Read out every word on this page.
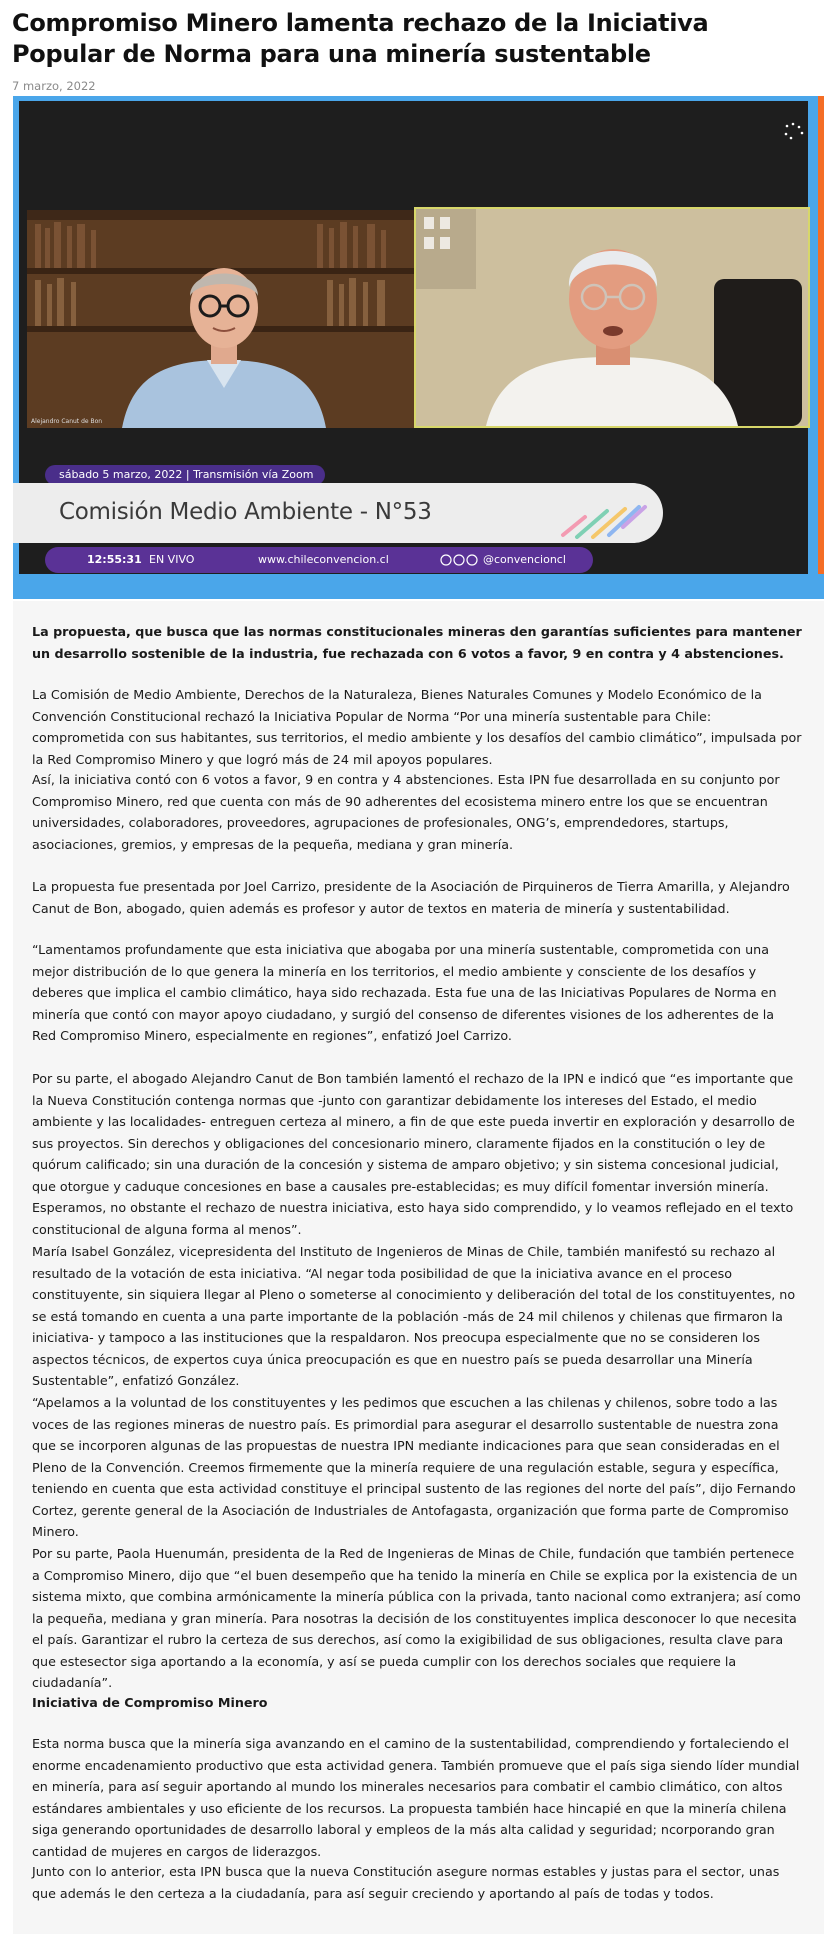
Compromiso Minero lamenta rechazo de la Iniciativa Popular de Norma para una minería sustentable
7 marzo, 2022
Alejandro Canut de Bon
sábado 5 marzo, 2022 | Transmisión vía Zoom
Comisión Medio Ambiente - N°53
12:55:31 EN VIVO	www.chileconvencion.cl	@convencioncl

La propuesta, que busca que las normas constitucionales mineras den garantías suficientes para mantener un desarrollo sostenible de la industria, fue rechazada con 6 votos a favor, 9 en contra y 4 abstenciones.

La Comisión de Medio Ambiente, Derechos de la Naturaleza, Bienes Naturales Comunes y Modelo Económico de la Convención Constitucional rechazó la Iniciativa Popular de Norma “Por una minería sustentable para Chile: comprometida con sus habitantes, sus territorios, el medio ambiente y los desafíos del cambio climático”, impulsada por la Red Compromiso Minero y que logró más de 24 mil apoyos populares.

Así, la iniciativa contó con 6 votos a favor, 9 en contra y 4 abstenciones. Esta IPN fue desarrollada en su conjunto por Compromiso Minero, red que cuenta con más de 90 adherentes del ecosistema minero entre los que se encuentran universidades, colaboradores, proveedores, agrupaciones de profesionales, ONG’s, emprendedores, startups, asociaciones, gremios, y empresas de la pequeña, mediana y gran minería.

La propuesta fue presentada por Joel Carrizo, presidente de la Asociación de Pirquineros de Tierra Amarilla, y Alejandro Canut de Bon, abogado, quien además es profesor y autor de textos en materia de minería y sustentabilidad.

“Lamentamos profundamente que esta iniciativa que abogaba por una minería sustentable, comprometida con una mejor distribución de lo que genera la minería en los territorios, el medio ambiente y consciente de los desafíos y deberes que implica el cambio climático, haya sido rechazada. Esta fue una de las Iniciativas Populares de Norma en minería que contó con mayor apoyo ciudadano, y surgió del consenso de diferentes visiones de los adherentes de la Red Compromiso Minero, especialmente en regiones”, enfatizó Joel Carrizo.

Por su parte, el abogado Alejandro Canut de Bon también lamentó el rechazo de la IPN e indicó que “es importante que la Nueva Constitución contenga normas que -junto con garantizar debidamente los intereses del Estado, el medio ambiente y las localidades- entreguen certeza al minero, a fin de que este pueda invertir en exploración y desarrollo de sus proyectos. Sin derechos y obligaciones del concesionario minero, claramente fijados en la constitución o ley de quórum calificado; sin una duración de la concesión y sistema de amparo objetivo; y sin sistema concesional judicial, que otorgue y caduque concesiones en base a causales pre-establecidas; es muy difícil fomentar inversión minería. Esperamos, no obstante el rechazo de nuestra iniciativa, esto haya sido comprendido, y lo veamos reflejado en el texto constitucional de alguna forma al menos”.

María Isabel González, vicepresidenta del Instituto de Ingenieros de Minas de Chile, también manifestó su rechazo al resultado de la votación de esta iniciativa. “Al negar toda posibilidad de que la iniciativa avance en el proceso constituyente, sin siquiera llegar al Pleno o someterse al conocimiento y deliberación del total de los constituyentes, no se está tomando en cuenta a una parte importante de la población -más de 24 mil chilenos y chilenas que firmaron la iniciativa- y tampoco a las instituciones que la respaldaron. Nos preocupa especialmente que no se consideren los aspectos técnicos, de expertos cuya única preocupación es que en nuestro país se pueda desarrollar una Minería Sustentable”, enfatizó González.

“Apelamos a la voluntad de los constituyentes y les pedimos que escuchen a las chilenas y chilenos, sobre todo a las voces de las regiones mineras de nuestro país. Es primordial para asegurar el desarrollo sustentable de nuestra zona que se incorporen algunas de las propuestas de nuestra IPN mediante indicaciones para que sean consideradas en el Pleno de la Convención. Creemos firmemente que la minería requiere de una regulación estable, segura y específica, teniendo en cuenta que esta actividad constituye el principal sustento de las regiones del norte del país”, dijo Fernando Cortez, gerente general de la Asociación de Industriales de Antofagasta, organización que forma parte de Compromiso Minero.

Por su parte, Paola Huenumán, presidenta de la Red de Ingenieras de Minas de Chile, fundación que también pertenece a Compromiso Minero, dijo que “el buen desempeño que ha tenido la minería en Chile se explica por la existencia de un sistema mixto, que combina armónicamente la minería pública con la privada, tanto nacional como extranjera; así como la pequeña, mediana y gran minería. Para nosotras la decisión de los constituyentes implica desconocer lo que necesita el país. Garantizar el rubro la certeza de sus derechos, así como la exigibilidad de sus obligaciones, resulta clave para que estesector siga aportando a la economía, y así se pueda cumplir con los derechos sociales que requiere la ciudadanía”.

Iniciativa de Compromiso Minero

Esta norma busca que la minería siga avanzando en el camino de la sustentabilidad, comprendiendo y fortaleciendo el enorme encadenamiento productivo que esta actividad genera. También promueve que el país siga siendo líder mundial en minería, para así seguir aportando al mundo los minerales necesarios para combatir el cambio climático, con altos estándares ambientales y uso eficiente de los recursos. La propuesta también hace hincapié en que la minería chilena siga generando oportunidades de desarrollo laboral y empleos de la más alta calidad y seguridad; ncorporando gran cantidad de mujeres en cargos de liderazgos.

Junto con lo anterior, esta IPN busca que la nueva Constitución asegure normas estables y justas para el sector, unas que además le den certeza a la ciudadanía, para así seguir creciendo y aportando al país de todas y todos.
